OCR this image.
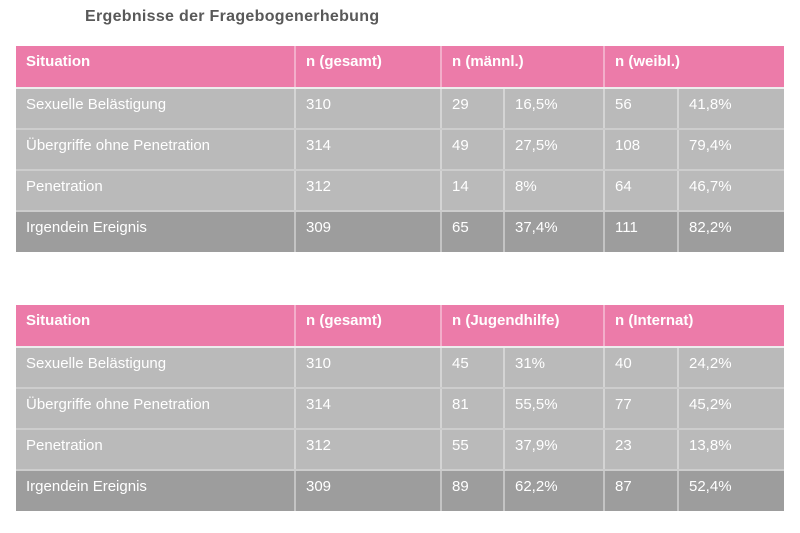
Ergebnisse der Fragebogenerhebung
Situation	n (gesamt)	n (männl.)		n (weibl.)	
Sexuelle Belästigung	310	29	16,5%	56	41,8%
Übergriffe ohne Penetration	314	49	27,5%	108	79,4%
Penetration	312	14	8%	64	46,7%
Irgendein Ereignis	309	65	37,4%	111	82,2%
Situation	n (gesamt)	n (Jugendhilfe)		n (Internat)	
Sexuelle Belästigung	310	45	31%	40	24,2%
Übergriffe ohne Penetration	314	81	55,5%	77	45,2%
Penetration	312	55	37,9%	23	13,8%
Irgendein Ereignis	309	89	62,2%	87	52,4%
